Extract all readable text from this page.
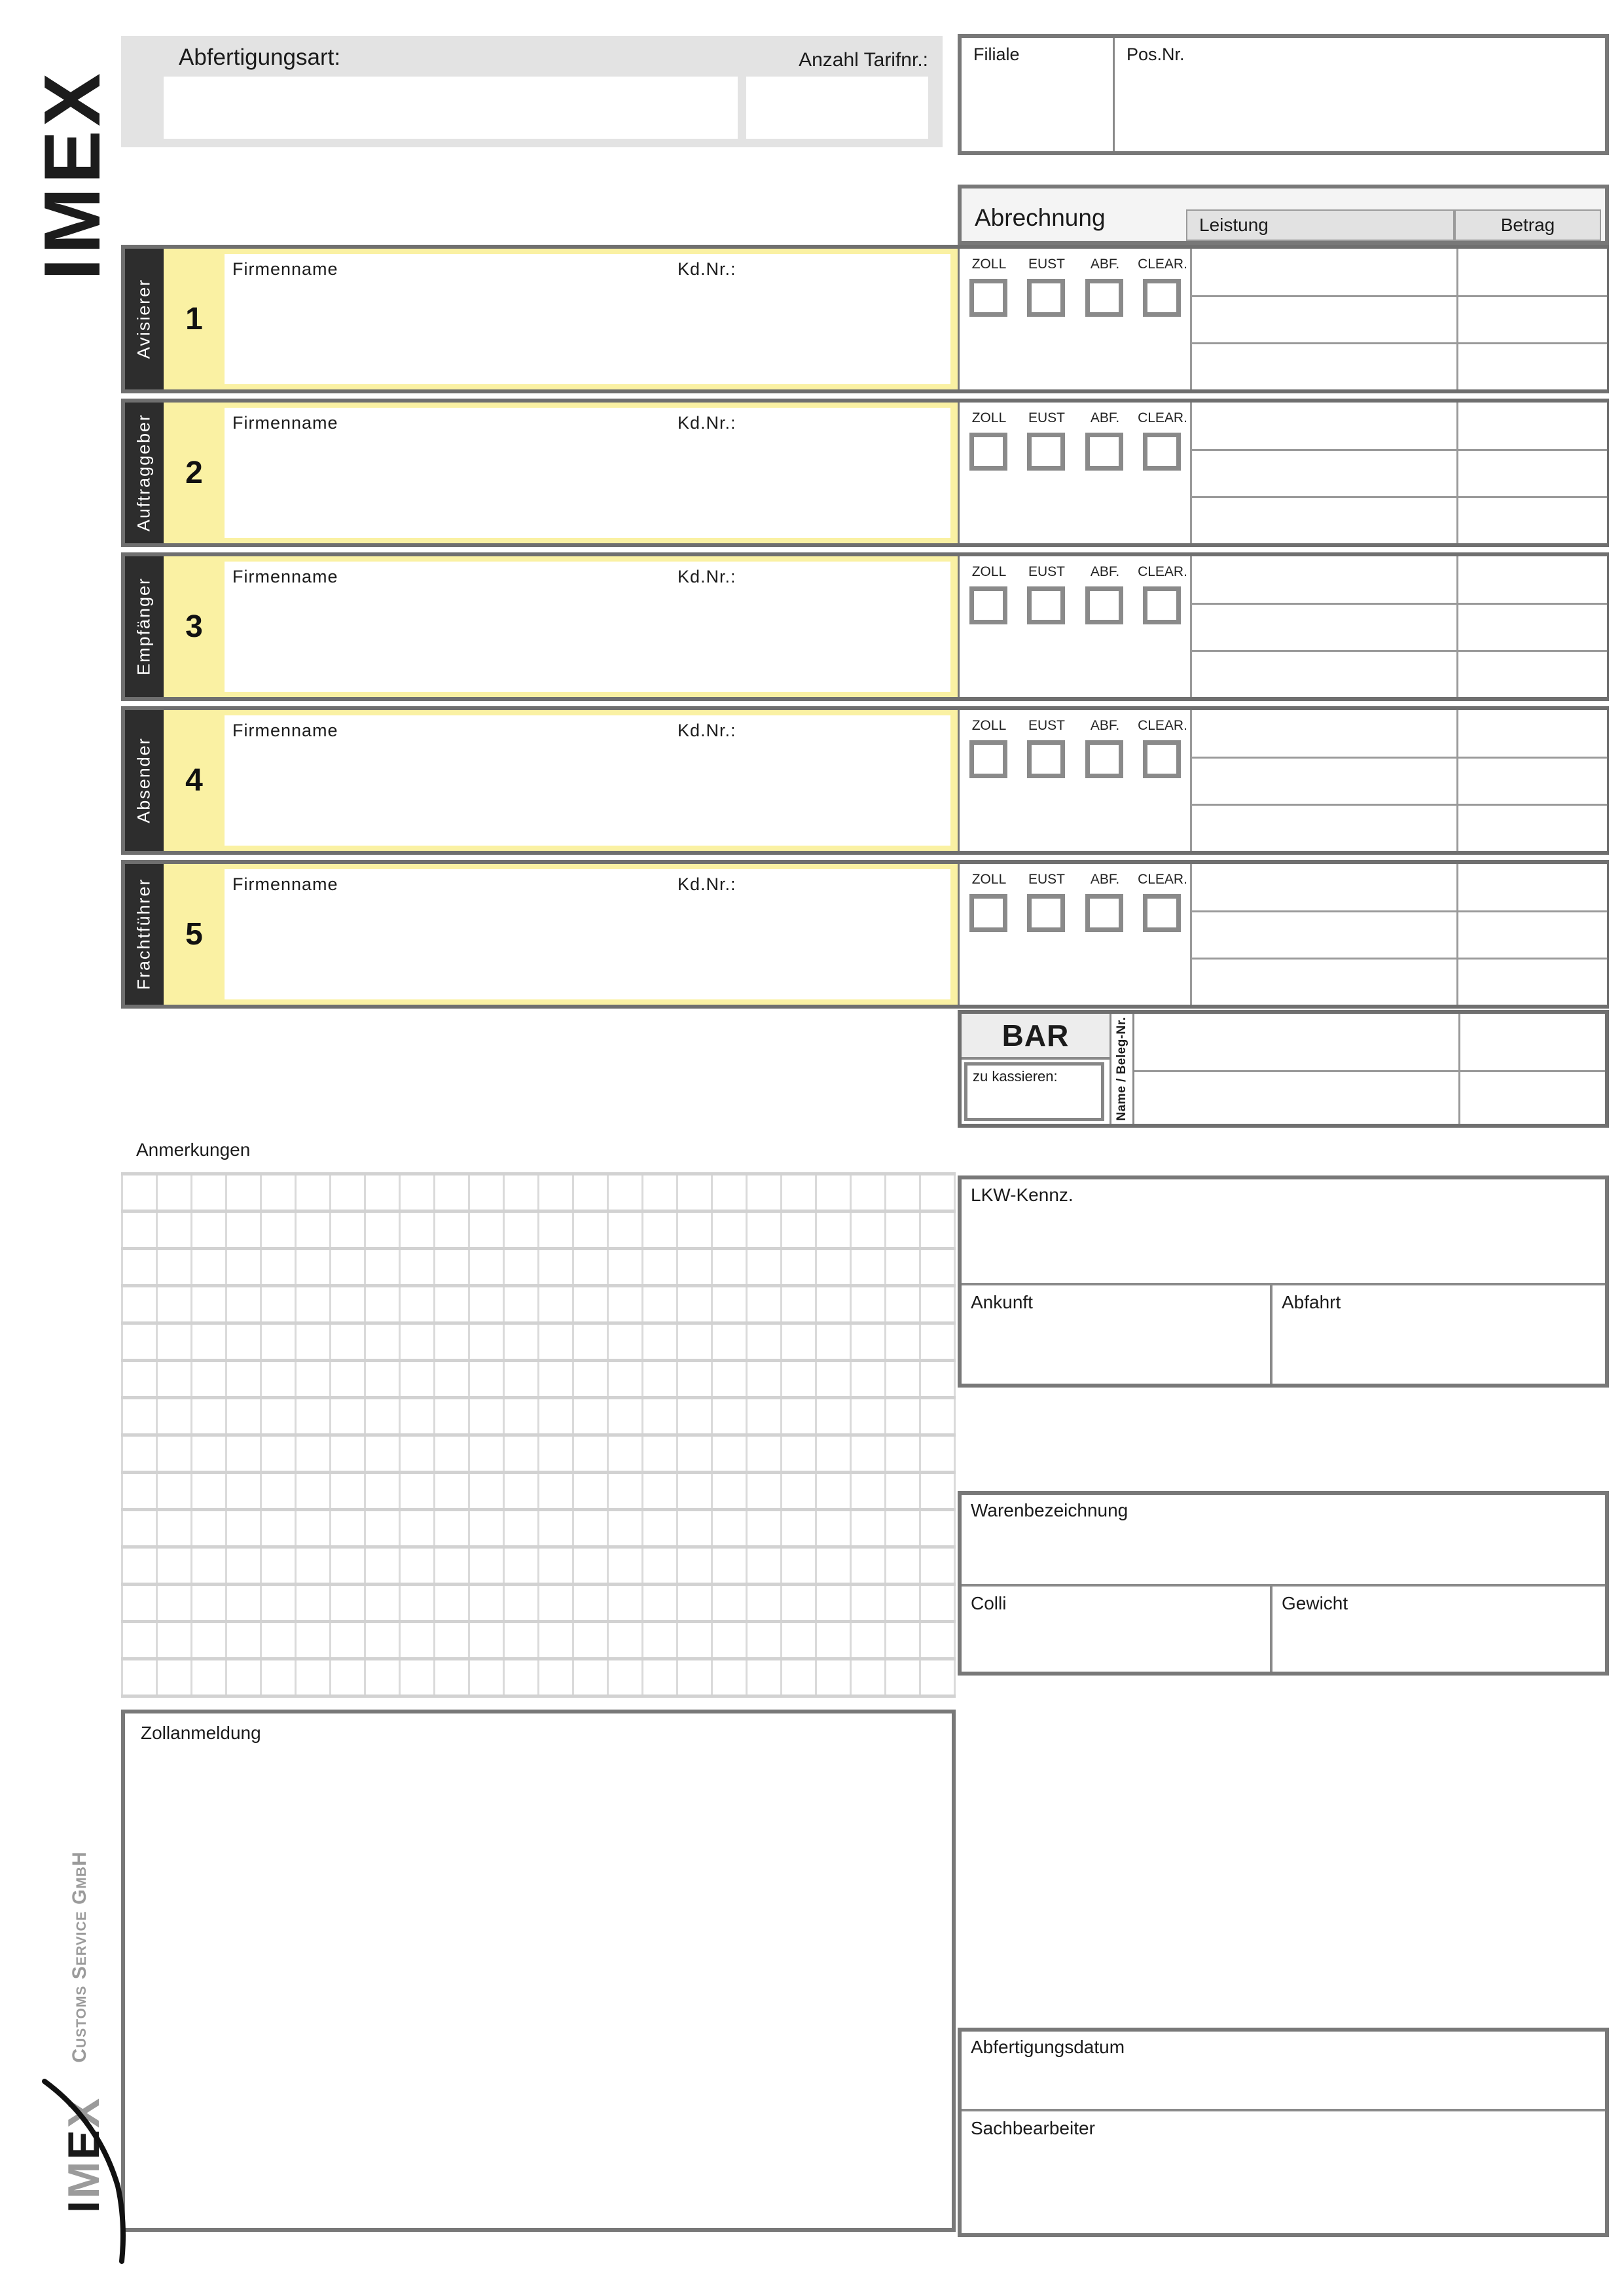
IMEX
Abfertigungsart:	Anzahl Tarifnr.:	Filiale	Pos.Nr.
Abrechnung	Leistung	Betrag
Avisierer 1
Firmenname	Kd.Nr.:	ZOLL EUST ABF. CLEAR.
Auftraggeber 2
Firmenname	Kd.Nr.:	ZOLL EUST ABF. CLEAR.
Empfänger 3
Firmenname	Kd.Nr.:	ZOLL EUST ABF. CLEAR.
Absender 4
Firmenname	Kd.Nr.:	ZOLL EUST ABF. CLEAR.
Frachtführer 5
Firmenname	Kd.Nr.:	ZOLL EUST ABF. CLEAR.
BAR
zu kassieren:	Name / Beleg-Nr.
Anmerkungen
LKW-Kennz.
Ankunft	Abfahrt
Warenbezeichnung
Colli	Gewicht
Zollanmeldung
Abfertigungsdatum
Sachbearbeiter
Customs Service GmbH
IMEX
